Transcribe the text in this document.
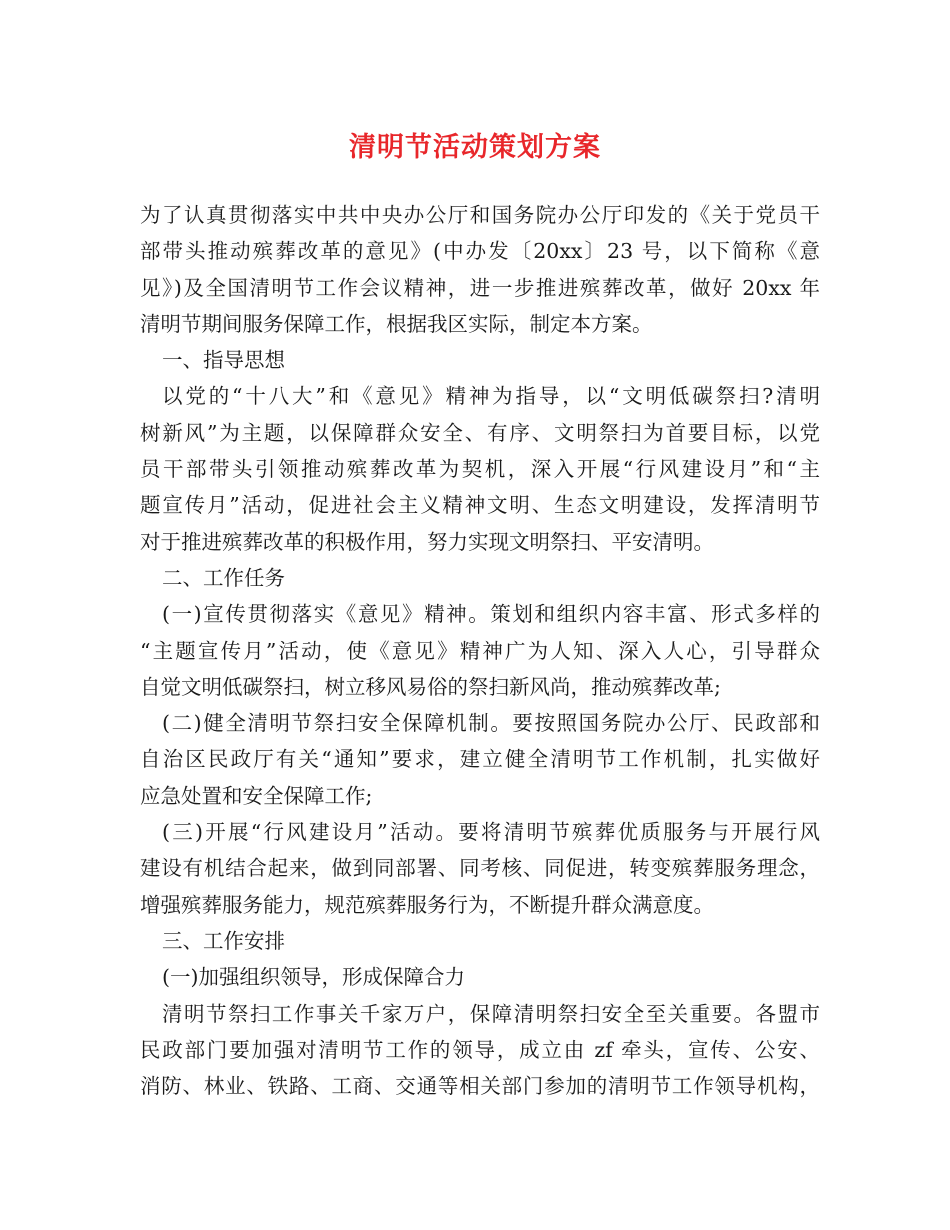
清明节活动策划方案
为了认真贯彻落实中共中央办公厅和国务院办公厅印发的《关于党员干
部带头推动殡葬改革的意见》(中办发〔20xx〕23 号，以下简称《意
见》)及全国清明节工作会议精神，进一步推进殡葬改革，做好 20xx 年
清明节期间服务保障工作，根据我区实际，制定本方案。
一、指导思想
以党的“十八大”和《意见》精神为指导，以“文明低碳祭扫?清明
树新风”为主题，以保障群众安全、有序、文明祭扫为首要目标，以党
员干部带头引领推动殡葬改革为契机，深入开展“行风建设月”和“主
题宣传月”活动，促进社会主义精神文明、生态文明建设，发挥清明节
对于推进殡葬改革的积极作用，努力实现文明祭扫、平安清明。
二、工作任务
(一)宣传贯彻落实《意见》精神。策划和组织内容丰富、形式多样的
“主题宣传月”活动，使《意见》精神广为人知、深入人心，引导群众
自觉文明低碳祭扫，树立移风易俗的祭扫新风尚，推动殡葬改革;
(二)健全清明节祭扫安全保障机制。要按照国务院办公厅、民政部和
自治区民政厅有关“通知”要求，建立健全清明节工作机制，扎实做好
应急处置和安全保障工作;
(三)开展“行风建设月”活动。要将清明节殡葬优质服务与开展行风
建设有机结合起来，做到同部署、同考核、同促进，转变殡葬服务理念，
增强殡葬服务能力，规范殡葬服务行为，不断提升群众满意度。
三、工作安排
(一)加强组织领导，形成保障合力
清明节祭扫工作事关千家万户，保障清明祭扫安全至关重要。各盟市
民政部门要加强对清明节工作的领导，成立由 zf 牵头，宣传、公安、
消防、林业、铁路、工商、交通等相关部门参加的清明节工作领导机构，
